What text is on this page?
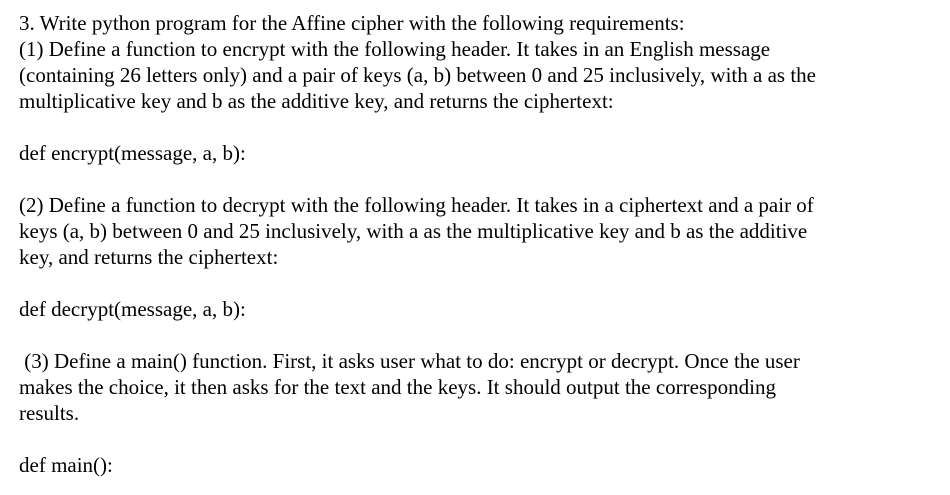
3. Write python program for the Affine cipher with the following requirements:
(1) Define a function to encrypt with the following header. It takes in an English message
(containing 26 letters only) and a pair of keys (a, b) between 0 and 25 inclusively, with a as the
multiplicative key and b as the additive key, and returns the ciphertext:
def encrypt(message, a, b):
(2) Define a function to decrypt with the following header. It takes in a ciphertext and a pair of
keys (a, b) between 0 and 25 inclusively, with a as the multiplicative key and b as the additive
key, and returns the ciphertext:
def decrypt(message, a, b):
(3) Define a main() function. First, it asks user what to do: encrypt or decrypt. Once the user
makes the choice, it then asks for the text and the keys. It should output the corresponding
results.
def main():
